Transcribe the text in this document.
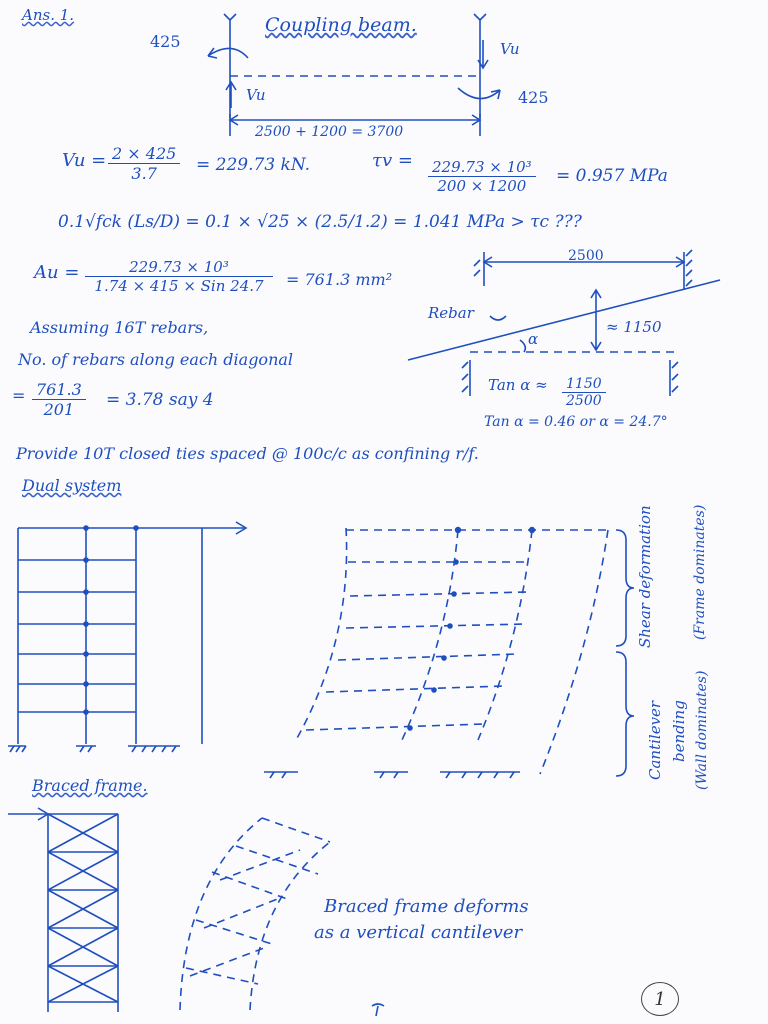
Ans. 1.	Coupling beam.
425
425
Vu
Vu
2500 + 1200 = 3700
$Vu = \frac{2 \times 425}{3.7} = 229.73$ kN.	$\tau v = \frac{\text{229.73 × 10³}}{200 \times 1200} = 0.957$ MPa
0.1√fck (Ls/D) = 0.1 × √25 × (2.5/1.2) = 1.041 MPa > τc ???
Au =	229.73 × 10³
1.74 × 415 × Sin 24.7 = 761.3 mm²
Assuming 16T rebars,
No. of rebars along each diagonal
= $\frac{761.3}{201} = 3.78$ say 4
2500
Rebar
≈ 1150
α
Tan $\alpha \approx \frac{1150}{2500}$
Tan α = 0.46 or α = 24.7°
Provide 10T closed ties spaced @ 100c/c as confining r/f.
Dual system
Shear deformation	(Frame dominates)
Cantilever bending (Wall dominates)
Braced frame.
Braced frame deforms
as a vertical cantilever
1
